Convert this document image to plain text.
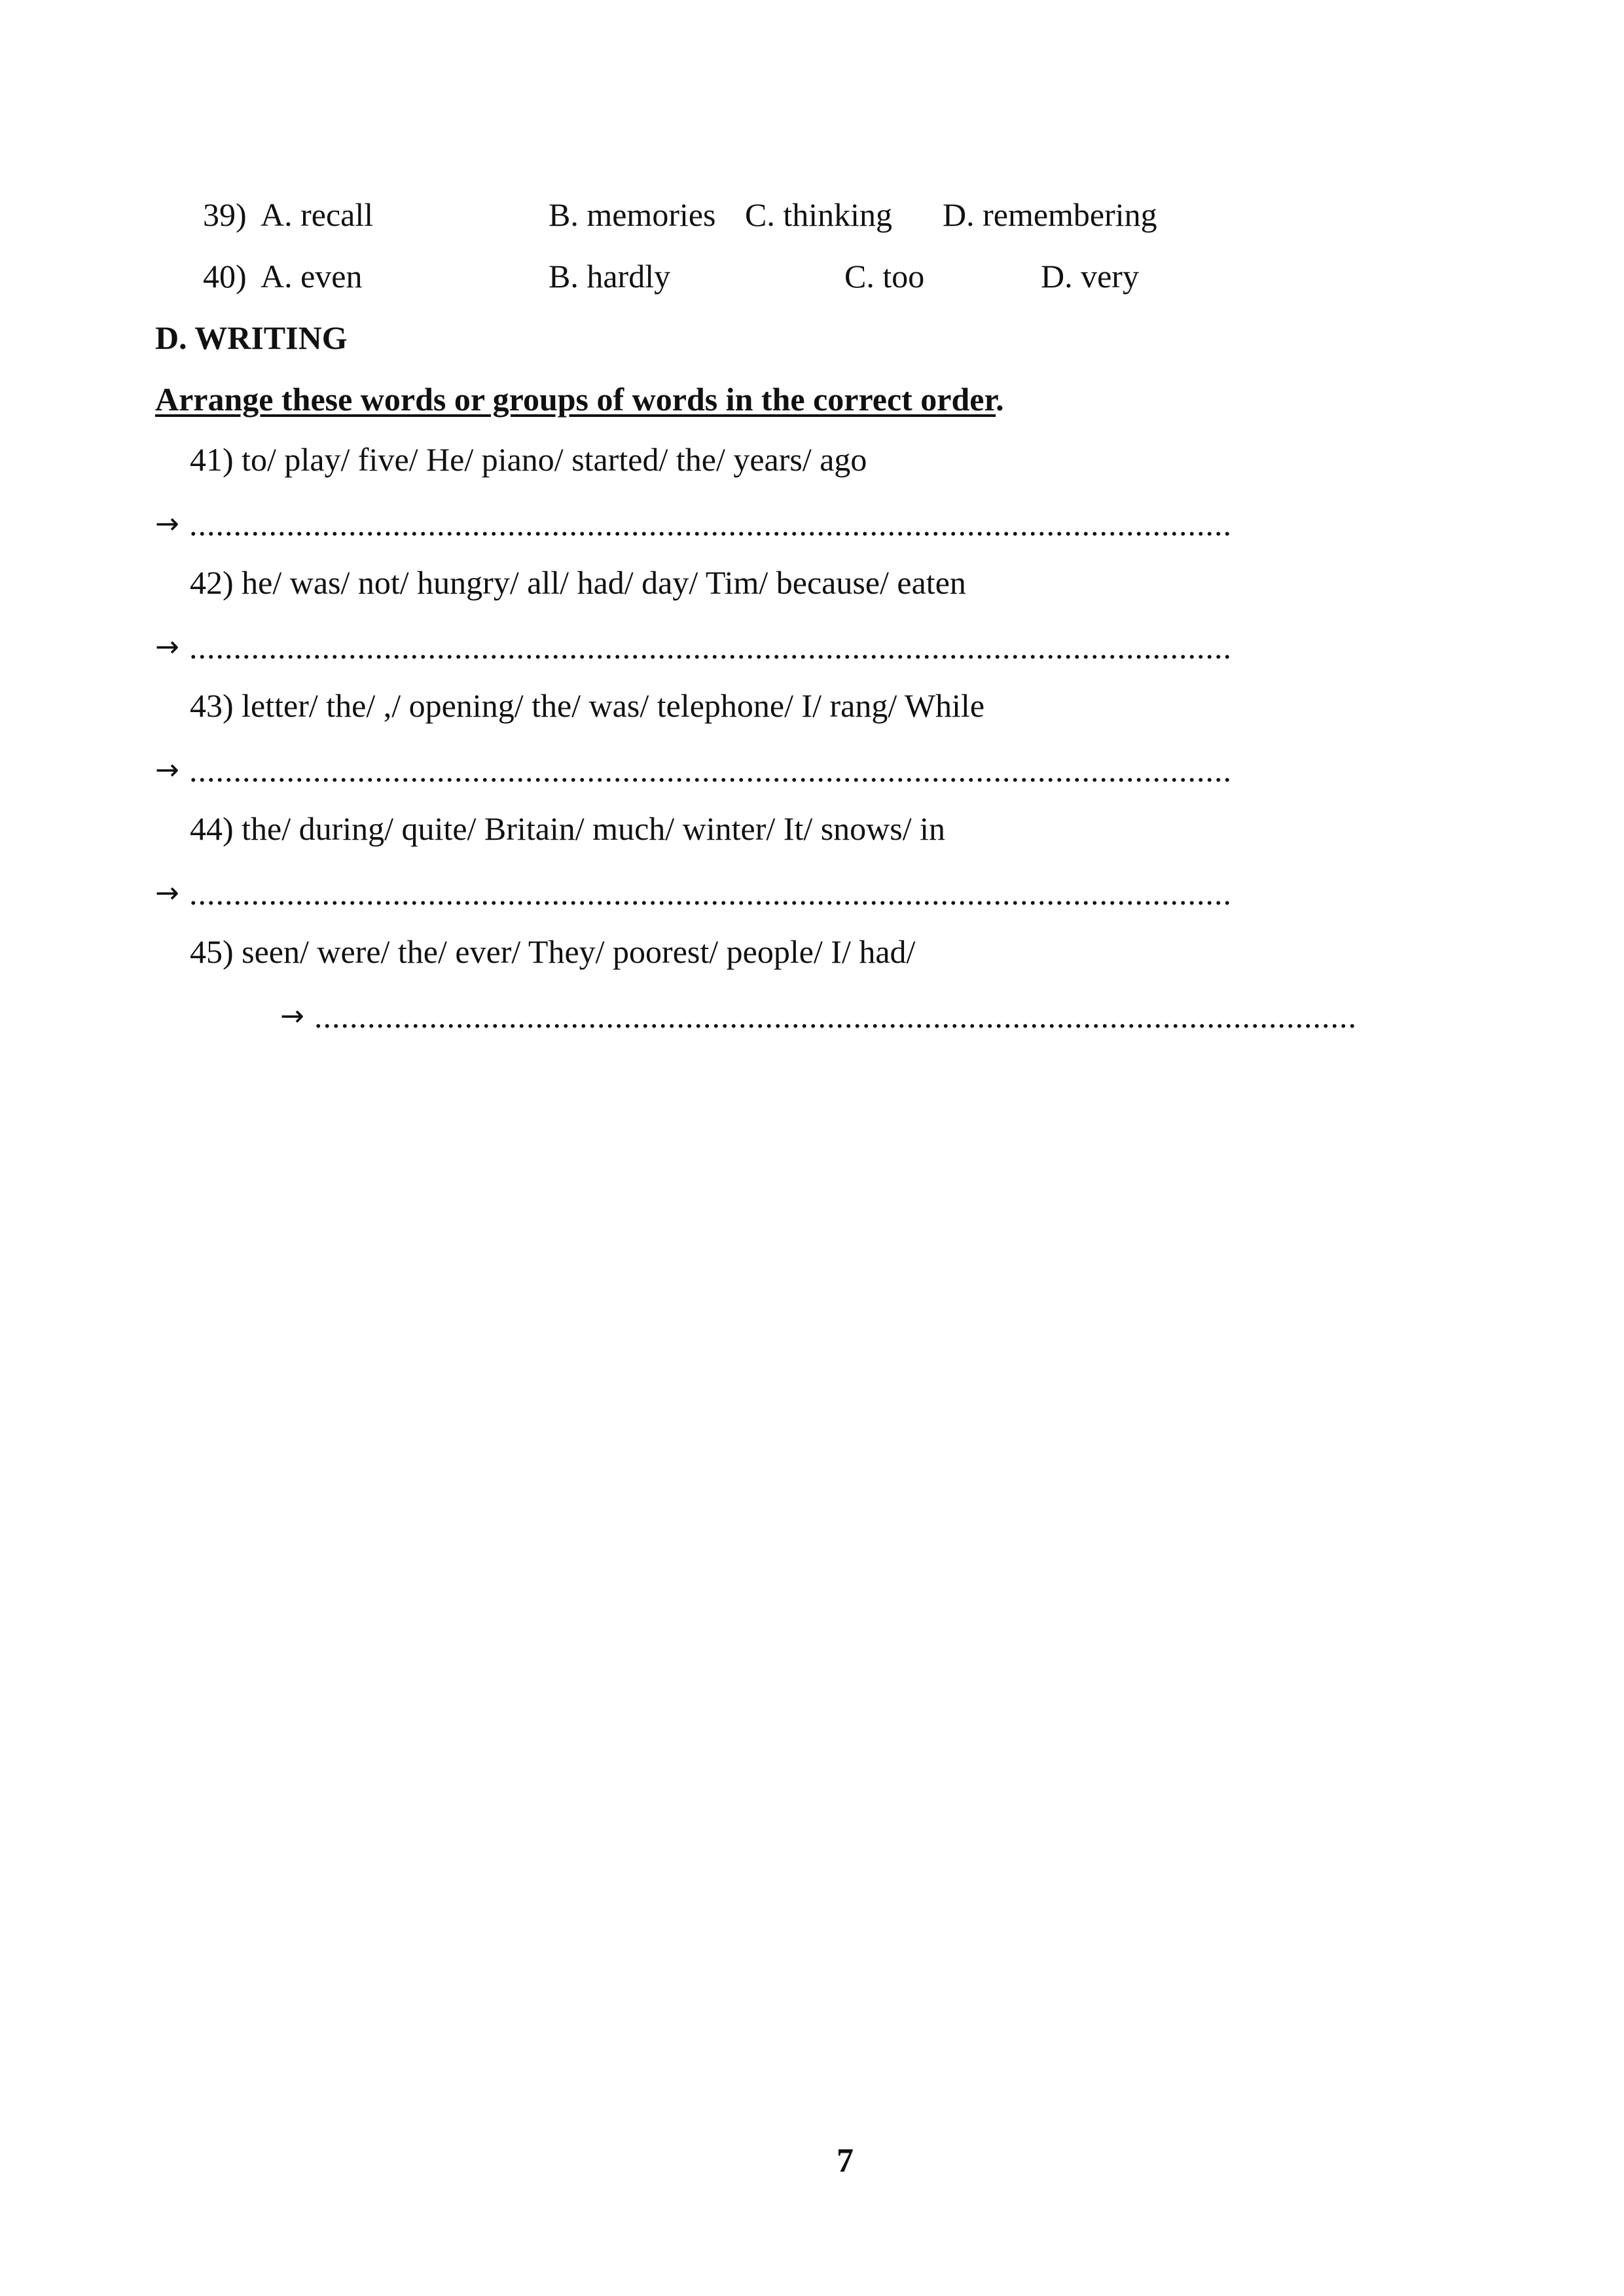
39) A. recall	B. memories C. thinking D. remembering
40) A. even	B. hardly	C. too	D. very
D. WRITING
Arrange these words or groups of words in the correct order.
41) to/ play/ five/ He/ piano/ started/ the/ years/ ago
→ ......................................................................................................................
42) he/ was/ not/ hungry/ all/ had/ day/ Tim/ because/ eaten
→ ......................................................................................................................
43) letter/ the/ ,/ opening/ the/ was/ telephone/ I/ rang/ While
→ ......................................................................................................................
44) the/ during/ quite/ Britain/ much/ winter/ It/ snows/ in
→ ......................................................................................................................
45) seen/ were/ the/ ever/ They/ poorest/ people/ I/ had/
→ ......................................................................................................................
7
